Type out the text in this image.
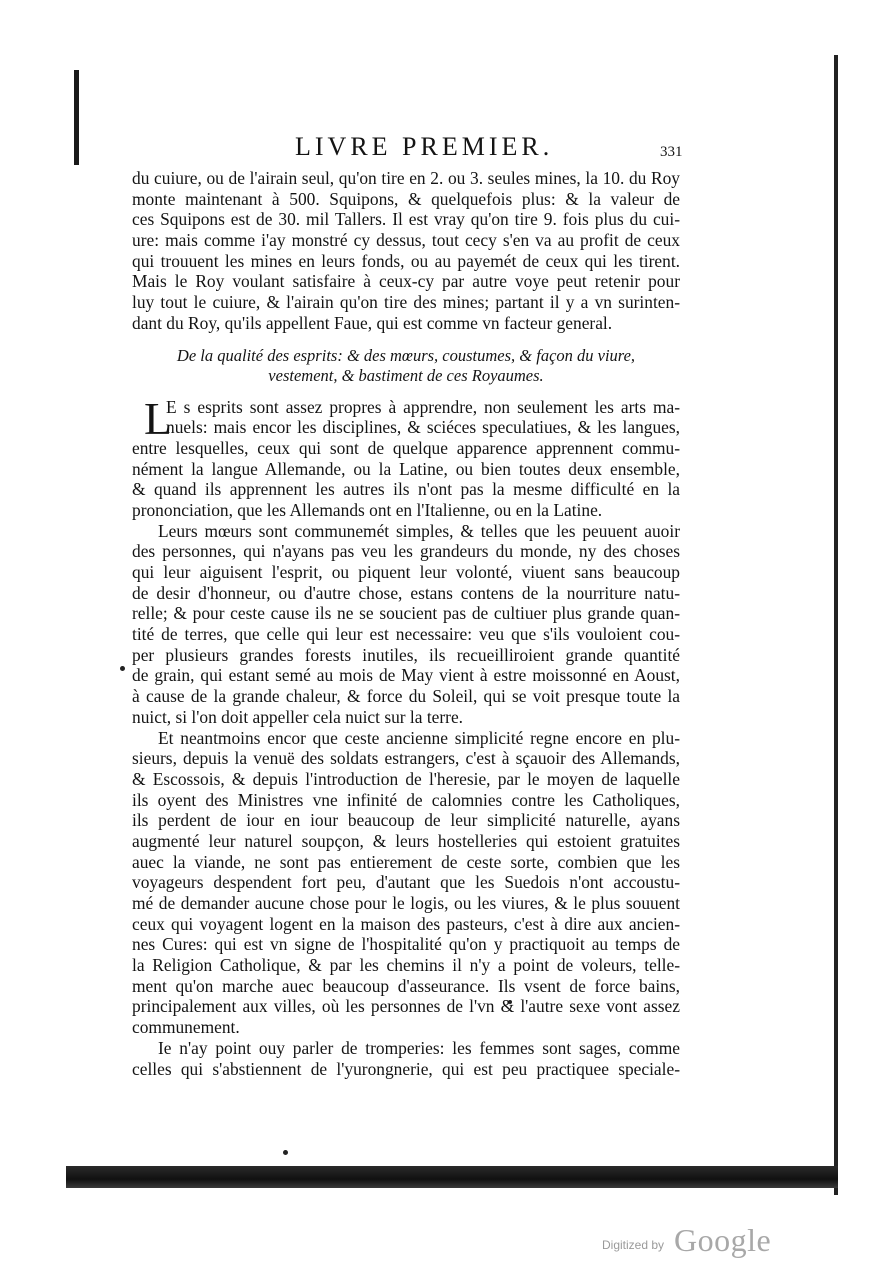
LIVRE PREMIER.	331
du cuiure, ou de l'airain seul, qu'on tire en 2. ou 3. seules mines, la 10. du Roy
monte maintenant à 500. Squipons, & quelquefois plus: & la valeur de
ces Squipons est de 30. mil Tallers. Il est vray qu'on tire 9. fois plus du cui-
ure: mais comme i'ay monstré cy dessus, tout cecy s'en va au profit de ceux
qui trouuent les mines en leurs fonds, ou au payemét de ceux qui les tirent.
Mais le Roy voulant satisfaire à ceux-cy par autre voye peut retenir pour
luy tout le cuiure, & l'airain qu'on tire des mines; partant il y a vn surinten-
dant du Roy, qu'ils appellent Faue, qui est comme vn facteur general.
De la qualité des esprits: & des mœurs, coustumes, & façon du viure,
vestement, & bastiment de ces Royaumes.
L
E s esprits sont assez propres à apprendre, non seulement les arts ma-
nuels: mais encor les disciplines, & sciéces speculatiues, & les langues,
entre lesquelles, ceux qui sont de quelque apparence apprennent commu-
nément la langue Allemande, ou la Latine, ou bien toutes deux ensemble,
& quand ils apprennent les autres ils n'ont pas la mesme difficulté en la
prononciation, que les Allemands ont en l'Italienne, ou en la Latine.
Leurs mœurs sont communemét simples, & telles que les peuuent auoir
des personnes, qui n'ayans pas veu les grandeurs du monde, ny des choses
qui leur aiguisent l'esprit, ou piquent leur volonté, viuent sans beaucoup
de desir d'honneur, ou d'autre chose, estans contens de la nourriture natu-
relle; & pour ceste cause ils ne se soucient pas de cultiuer plus grande quan-
tité de terres, que celle qui leur est necessaire: veu que s'ils vouloient cou-
per plusieurs grandes forests inutiles, ils recueilliroient grande quantité
de grain, qui estant semé au mois de May vient à estre moissonné en Aoust,
à cause de la grande chaleur, & force du Soleil, qui se voit presque toute la
nuict, si l'on doit appeller cela nuict sur la terre.
Et neantmoins encor que ceste ancienne simplicité regne encore en plu-
sieurs, depuis la venuë des soldats estrangers, c'est à sçauoir des Allemands,
& Escossois, & depuis l'introduction de l'heresie, par le moyen de laquelle
ils oyent des Ministres vne infinité de calomnies contre les Catholiques,
ils perdent de iour en iour beaucoup de leur simplicité naturelle, ayans
augmenté leur naturel soupçon, & leurs hostelleries qui estoient gratuites
auec la viande, ne sont pas entierement de ceste sorte, combien que les
voyageurs despendent fort peu, d'autant que les Suedois n'ont accoustu-
mé de demander aucune chose pour le logis, ou les viures, & le plus souuent
ceux qui voyagent logent en la maison des pasteurs, c'est à dire aux ancien-
nes Cures: qui est vn signe de l'hospitalité qu'on y practiquoit au temps de
la Religion Catholique, & par les chemins il n'y a point de voleurs, telle-
ment qu'on marche auec beaucoup d'asseurance. Ils vsent de force bains,
principalement aux villes, où les personnes de l'vn & l'autre sexe vont assez
communement.
Ie n'ay point ouy parler de tromperies: les femmes sont sages, comme
celles qui s'abstiennent de l'yurongnerie, qui est peu practiquee speciale-
Digitized by Google
